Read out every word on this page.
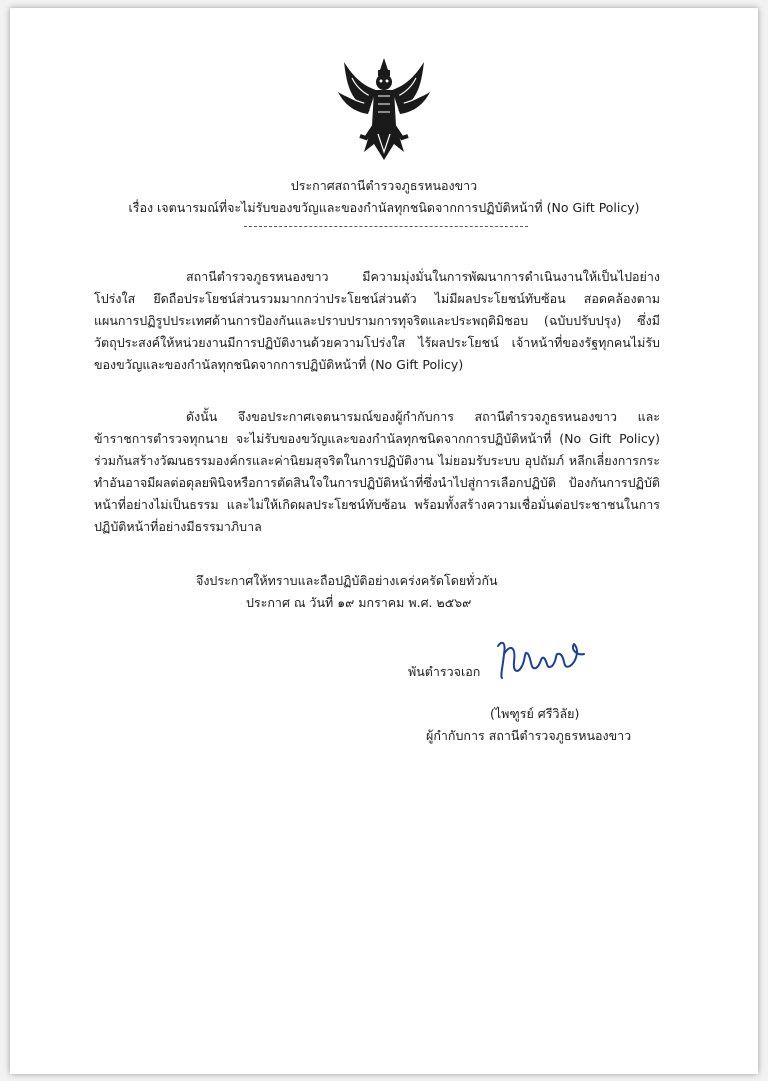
ประกาศสถานีตำรวจภูธรหนองขาว
เรื่อง เจตนารมณ์ที่จะไม่รับของขวัญและของกำนัลทุกชนิดจากการปฏิบัติหน้าที่ (No Gift Policy)
สถานีตำรวจภูธรหนองขาว มีความมุ่งมั่นในการพัฒนาการดำเนินงานให้เป็นไปอย่างโปร่งใส ยึดถือประโยชน์ส่วนรวมมากกว่าประโยชน์ส่วนตัว ไม่มีผลประโยชน์ทับซ้อน สอดคล้องตามแผนการปฏิรูปประเทศด้านการป้องกันและปราบปรามการทุจริตและประพฤติมิชอบ (ฉบับปรับปรุง) ซึ่งมีวัตถุประสงค์ให้หน่วยงานมีการปฏิบัติงานด้วยความโปร่งใส ไร้ผลประโยชน์ เจ้าหน้าที่ของรัฐทุกคนไม่รับของขวัญและของกำนัลทุกชนิดจากการปฏิบัติหน้าที่ (No Gift Policy)
ดังนั้น จึงขอประกาศเจตนารมณ์ของผู้กำกับการ สถานีตำรวจภูธรหนองขาว และข้าราชการตำรวจทุกนาย จะไม่รับของขวัญและของกำนัลทุกชนิดจากการปฏิบัติหน้าที่ (No Gift Policy) ร่วมกันสร้างวัฒนธรรมองค์กรและค่านิยมสุจริตในการปฏิบัติงาน ไม่ยอมรับระบบ อุปถัมภ์ หลีกเลี่ยงการกระทำอันอาจมีผลต่อดุลยพินิจหรือการตัดสินใจในการปฏิบัติหน้าที่ซึ่งนำไปสู่การเลือกปฏิบัติ ป้องกันการปฏิบัติหน้าที่อย่างไม่เป็นธรรม และไม่ให้เกิดผลประโยชน์ทับซ้อน พร้อมทั้งสร้างความเชื่อมั่นต่อประชาชนในการปฏิบัติหน้าที่อย่างมีธรรมาภิบาล
จึงประกาศให้ทราบและถือปฏิบัติอย่างเคร่งครัดโดยทั่วกัน
ประกาศ ณ วันที่ ๑๙ มกราคม พ.ศ. ๒๕๖๙
พันตำรวจเอก
(ไพฑูรย์ ศรีวิลัย)
ผู้กำกับการ สถานีตำรวจภูธรหนองขาว
